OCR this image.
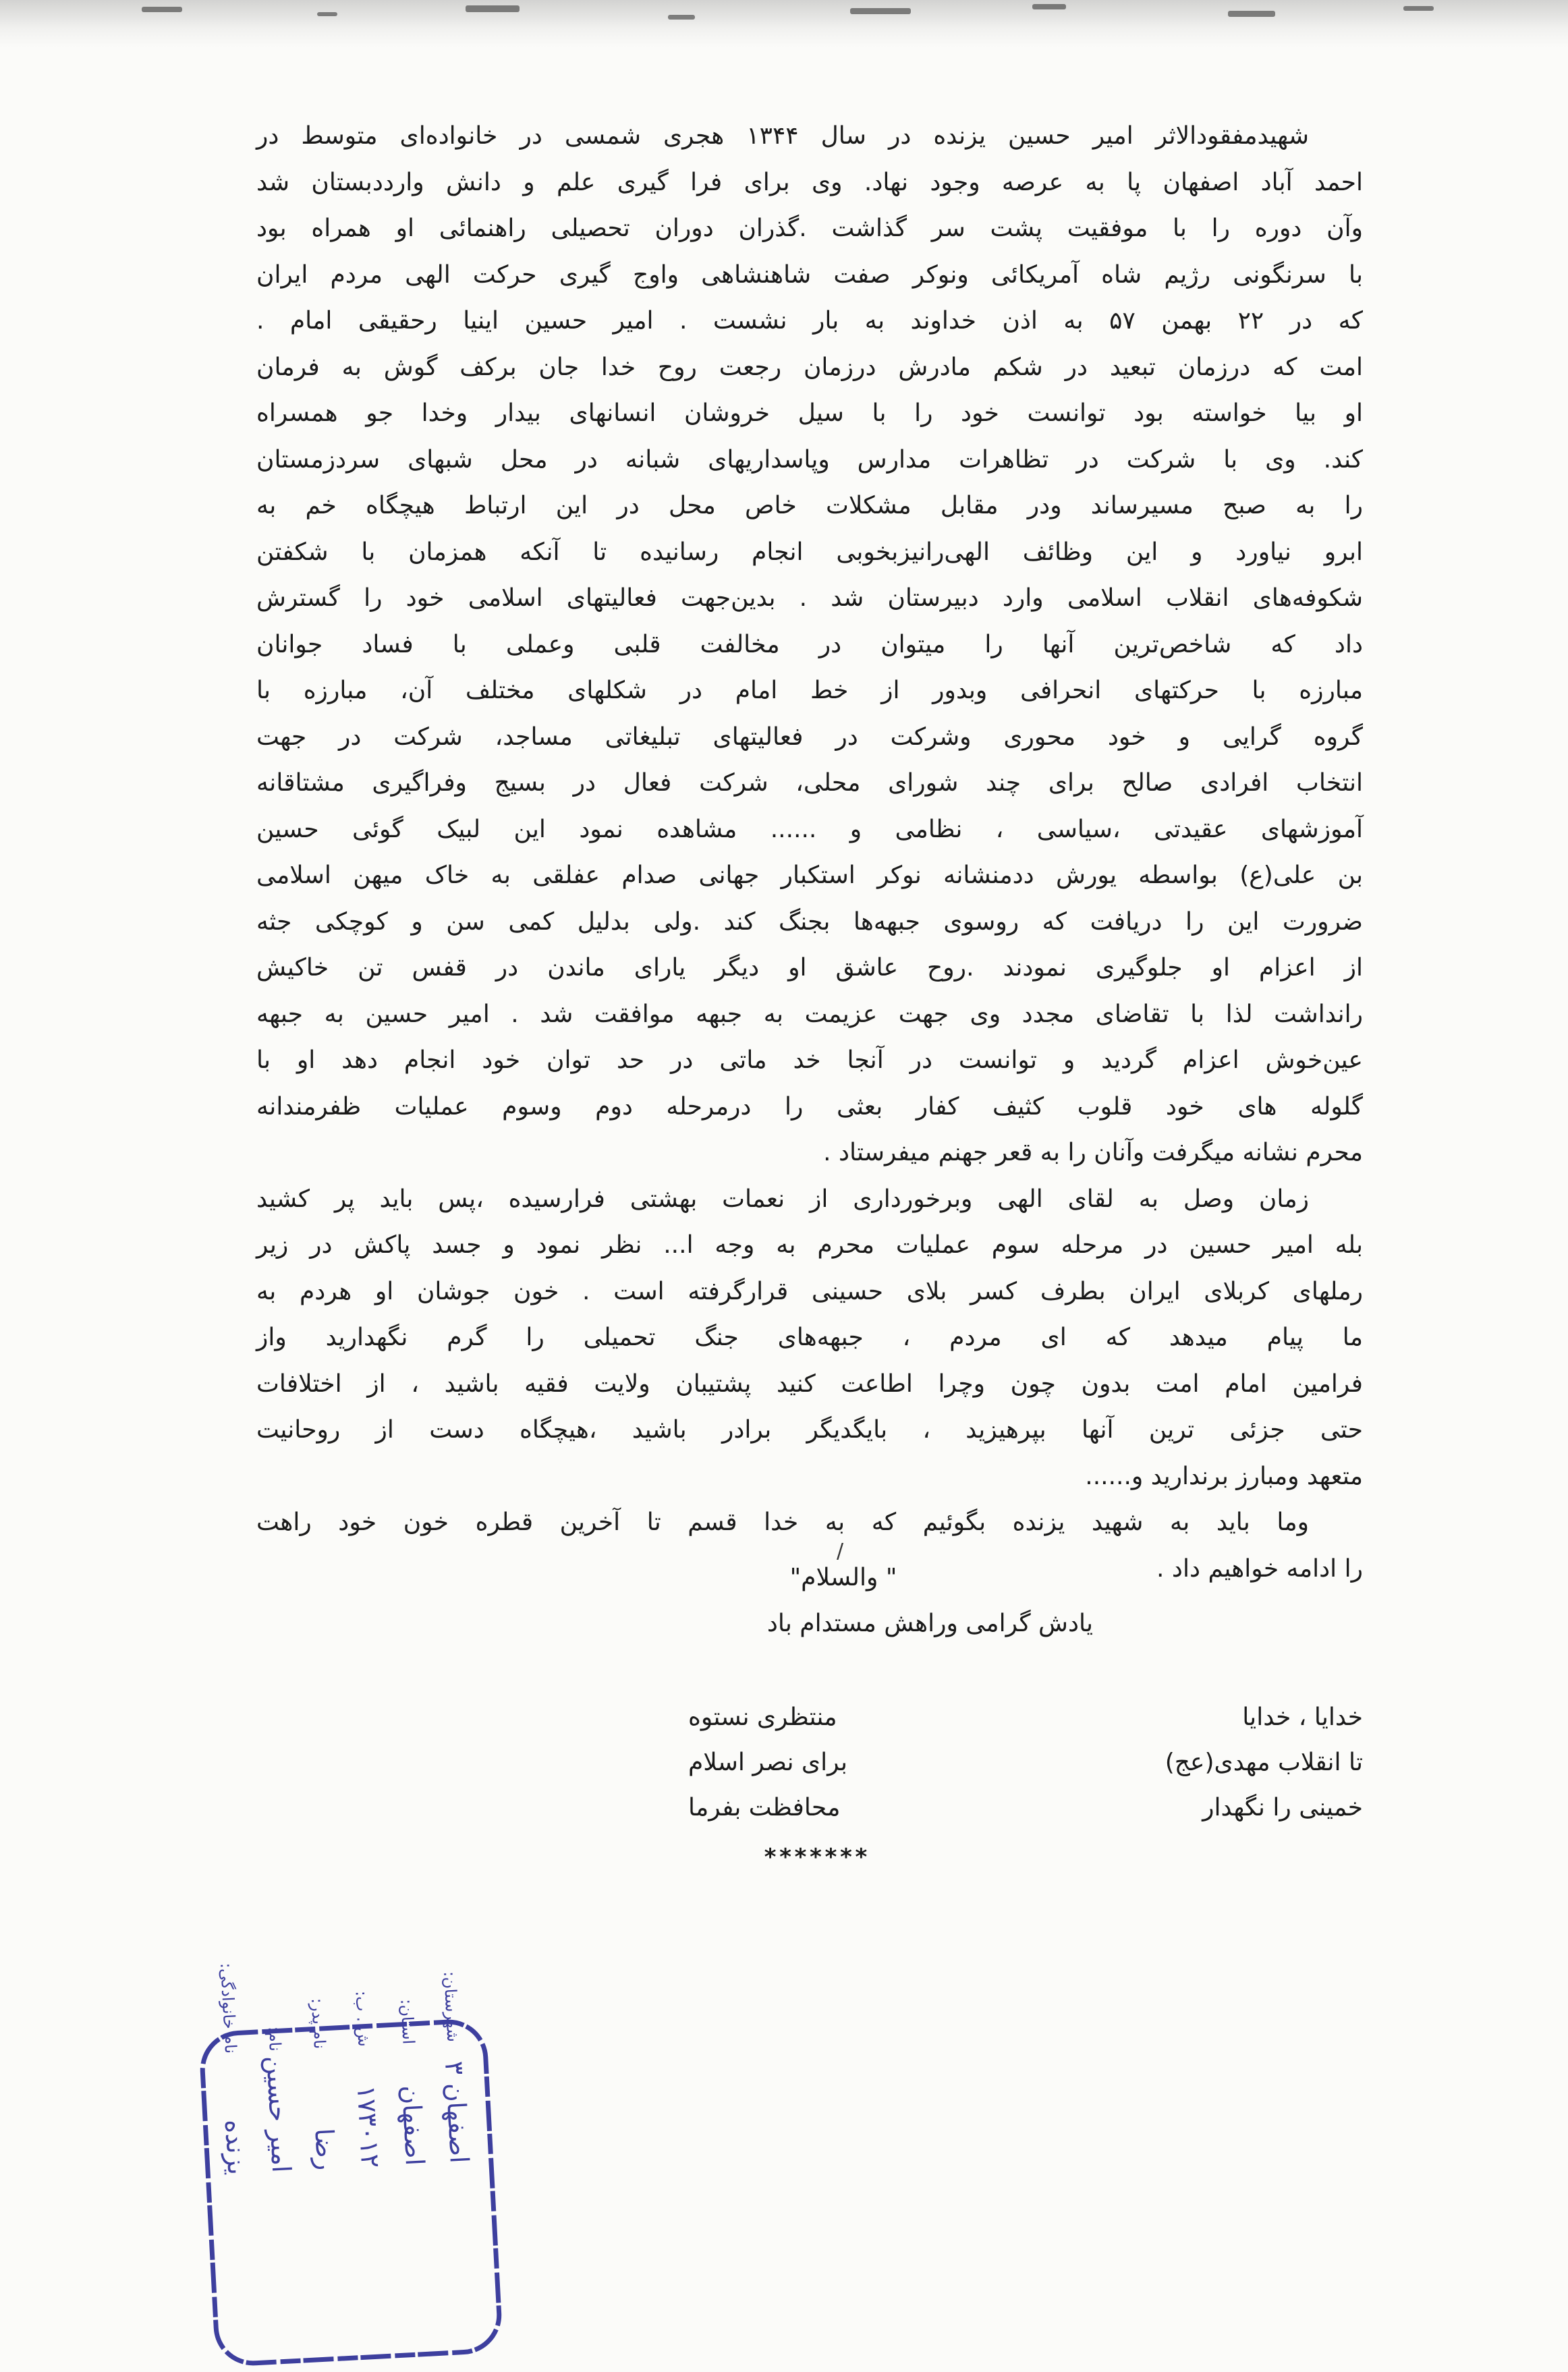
شهیدمفقودالاثر امیر حسین یزنده در سال ۱۳۴۴ هجری شمسی در خانواده‌ای متوسط در

احمد آباد اصفهان پا به عرصه وجود نهاد. وی برای فرا گیری علم و دانش وارددبستان شد

وآن دوره را با موفقیت پشت سر گذاشت .گذران دوران تحصیلی راهنمائی او همراه بود

با سرنگونی رژیم شاه آمریکائی ونوکر صفت شاهنشاهی واوج گیری حرکت الهی مردم ایران

که در ۲۲ بهمن ۵۷ به اذن خداوند به بار نشست . امیر حسین اینیا رحقیقی امام .

امت که درزمان تبعید در شکم مادرش درزمان رجعت روح خدا جان برکف گوش به فرمان

او بیا خواسته بود توانست خود را با سیل خروشان انسانهای بیدار وخدا جو همسراه

کند. وی با شرکت در تظاهرات مدارس وپاسداریهای شبانه در محل شبهای سردزمستان

را به صبح مسیرساند ودر مقابل مشکلات خاص محل در این ارتباط هیچگاه خم به

ابرو نیاورد و این وظائف الهی‌رانیزبخوبی انجام رسانیده تا آنکه همزمان با شکفتن

شکوفه‌های انقلاب اسلامی وارد دبیرستان شد . بدین‌جهت فعالیتهای اسلامی خود را گسترش

داد که شاخص‌ترین آنها را میتوان در مخالفت قلبی وعملی با فساد جوانان

مبارزه با حرکتهای انحرافی وبدور از خط امام در شکلهای مختلف آن، مبارزه با

گروه گرایی و خود محوری وشرکت در فعالیتهای تبلیغاتی مساجد، شرکت در جهت

انتخاب افرادی صالح برای چند شورای محلی، شرکت فعال در بسیج وفراگیری مشتاقانه

آموزشهای عقیدتی ،سیاسی ، نظامی و ...... مشاهده نمود این لبیک گوئی حسین

بن علی(ع) بواسطه یورش ددمنشانه نوکر استکبار جهانی صدام عفلقی به خاک میهن اسلامی

ضرورت این را دریافت که روسوی جبهه‌ها بجنگ کند .ولی بدلیل کمی سن و کوچکی جثه

از اعزام او جلوگیری نمودند .روح عاشق او دیگر یارای ماندن در قفس تن خاکیش

رانداشت لذا با تقاضای مجدد وی جهت عزیمت به جبهه موافقت شد . امیر حسین به جبهه

عین‌خوش اعزام گردید و توانست در آنجا خد ماتی در حد توان خود انجام دهد او با

گلوله های خود قلوب کثیف کفار بعثی را درمرحله دوم وسوم عملیات ظفرمندانه

محرم نشانه میگرفت وآنان را به قعر جهنم میفرستاد .

زمان وصل به لقای الهی وبرخورداری از نعمات بهشتی فرارسیده ،پس باید پر کشید

بله امیر حسین در مرحله سوم عملیات محرم به وجه ا... نظر نمود و جسد پاکش در زیر

رملهای کربلای ایران بطرف کسر بلای حسینی قرارگرفته است . خون جوشان او هردم به

ما پیام میدهد که ای مردم ، جبهه‌های جنگ تحمیلی را گرم نگهدارید واز

فرامین امام امت بدون چون وچرا اطاعت کنید پشتیبان ولایت فقیه باشید ، از اختلافات

حتی جزئی ترین آنها بپرهیزید ، بایگدیگر برادر باشید ،هیچگاه دست از روحانیت

متعهد ومبارز برندارید و......

وما باید به شهید یزنده بگوئیم که به خدا قسم تا آخرین قطره خون خود راهت

را ادامه خواهیم داد .

/
" والسلام"
یادش گرامی وراهش مستدام باد
خدایا ، خدایا
منتظری نستوه
تا انقلاب مهدی(عج)
برای نصر اسلام
خمینی را نگهدار
محافظت بفرما
*******
نام خانوادگی: نام: نام پدر: ش . ب: استان: شهرستان:
یزنده امیر حسین رضا ۱۷۳۰۱۲ اصفهان
اصفهان ۳
